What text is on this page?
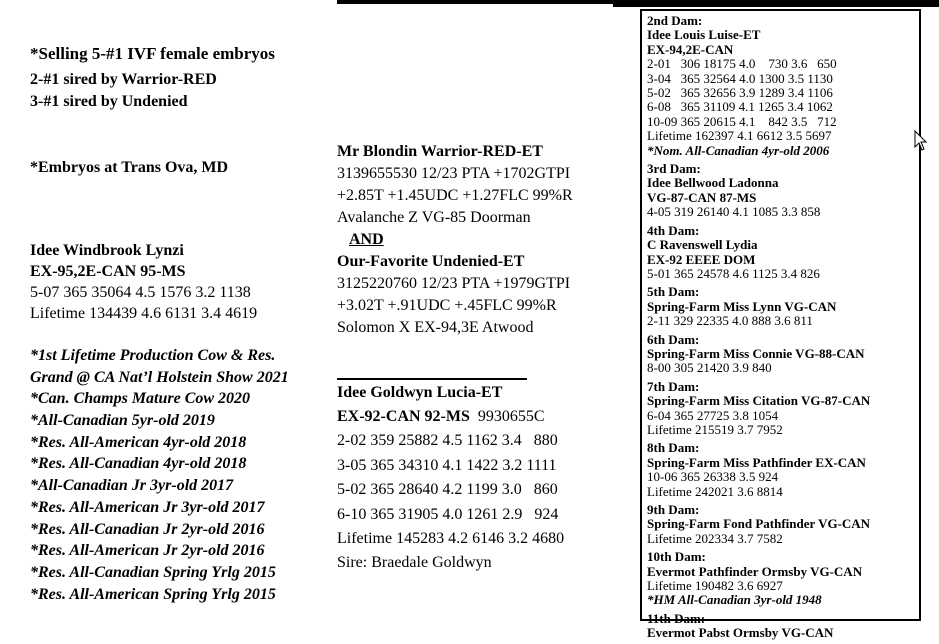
*Selling 5-#1 IVF female embryos
2-#1 sired by Warrior-RED
3-#1 sired by Undenied
*Embryos at Trans Ova, MD
Idee Windbrook Lynzi
EX-95,2E-CAN 95-MS
5-07 365 35064 4.5 1576 3.2 1138
Lifetime 134439 4.6 6131 3.4 4619
*1st Lifetime Production Cow & Res.
Grand @ CA Nat’l Holstein Show 2021
*Can. Champs Mature Cow 2020
*All-Canadian 5yr-old 2019
*Res. All-American 4yr-old 2018
*Res. All-Canadian 4yr-old 2018
*All-Canadian Jr 3yr-old 2017
*Res. All-American Jr 3yr-old 2017
*Res. All-Canadian Jr 2yr-old 2016
*Res. All-American Jr 2yr-old 2016
*Res. All-Canadian Spring Yrlg 2015
*Res. All-American Spring Yrlg 2015
Mr Blondin Warrior-RED-ET
3139655530 12/23 PTA +1702GTPI
+2.85T +1.45UDC +1.27FLC 99%R
Avalanche Z VG-85 Doorman
AND
Our-Favorite Undenied-ET
3125220760 12/23 PTA +1979GTPI
+3.02T +.91UDC +.45FLC 99%R
Solomon X EX-94,3E Atwood
Idee Goldwyn Lucia-ET
EX-92-CAN 92-MS 9930655C
2-02 359 25882 4.5 1162 3.4   880
3-05 365 34310 4.1 1422 3.2 1111
5-02 365 28640 4.2 1199 3.0   860
6-10 365 31905 4.0 1261 2.9   924
Lifetime 145283 4.2 6146 3.2 4680
Sire: Braedale Goldwyn
2nd Dam:
Idee Louis Luise-ET
EX-94,2E-CAN
2-01   306 18175 4.0    730 3.6   650
3-04   365 32564 4.0 1300 3.5 1130
5-02   365 32656 3.9 1289 3.4 1106
6-08   365 31109 4.1 1265 3.4 1062
10-09 365 20615 4.1    842 3.5   712
Lifetime 162397 4.1 6612 3.5 5697
*Nom. All-Canadian 4yr-old 2006
3rd Dam:
Idee Bellwood Ladonna
VG-87-CAN 87-MS
4-05 319 26140 4.1 1085 3.3 858
4th Dam:
C Ravenswell Lydia
EX-92 EEEE DOM
5-01 365 24578 4.6 1125 3.4 826
5th Dam:
Spring-Farm Miss Lynn VG-CAN
2-11 329 22335 4.0 888 3.6 811
6th Dam:
Spring-Farm Miss Connie VG-88-CAN
8-00 305 21420 3.9 840
7th Dam:
Spring-Farm Miss Citation VG-87-CAN
6-04 365 27725 3.8 1054
Lifetime 215519 3.7 7952
8th Dam:
Spring-Farm Miss Pathfinder EX-CAN
10-06 365 26338 3.5 924
Lifetime 242021 3.6 8814
9th Dam:
Spring-Farm Fond Pathfinder VG-CAN
Lifetime 202334 3.7 7582
10th Dam:
Evermot Pathfinder Ormsby VG-CAN
Lifetime 190482 3.6 6927
*HM All-Canadian 3yr-old 1948
11th Dam:
Evermot Pabst Ormsby VG-CAN
